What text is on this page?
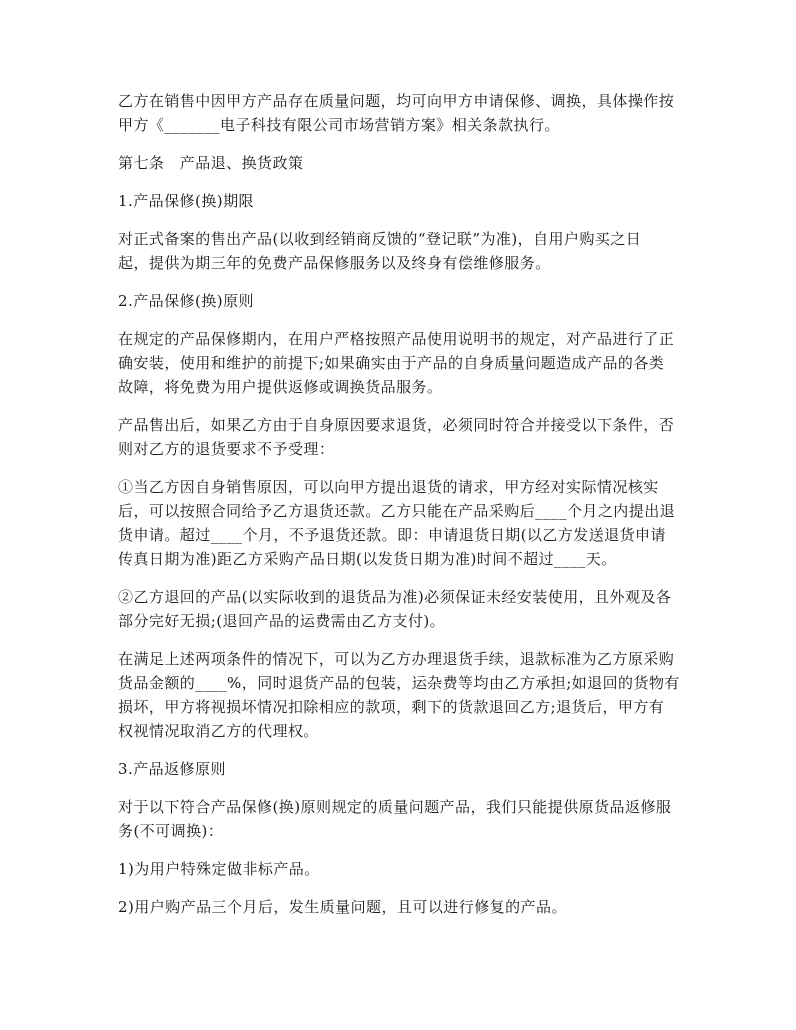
乙方在销售中因甲方产品存在质量问题，均可向甲方申请保修、调换，具体操作按
甲方《_______电子科技有限公司市场营销方案》相关条款执行。
第七条　产品退、换货政策
1.产品保修(换)期限
对正式备案的售出产品(以收到经销商反馈的“登记联”为准)，自用户购买之日
起，提供为期三年的免费产品保修服务以及终身有偿维修服务。
2.产品保修(换)原则
在规定的产品保修期内，在用户严格按照产品使用说明书的规定，对产品进行了正
确安装，使用和维护的前提下;如果确实由于产品的自身质量问题造成产品的各类
故障，将免费为用户提供返修或调换货品服务。
产品售出后，如果乙方由于自身原因要求退货，必须同时符合并接受以下条件，否
则对乙方的退货要求不予受理：
①当乙方因自身销售原因，可以向甲方提出退货的请求，甲方经对实际情况核实
后，可以按照合同给予乙方退货还款。乙方只能在产品采购后____个月之内提出退
货申请。超过____个月，不予退货还款。即：申请退货日期(以乙方发送退货申请
传真日期为准)距乙方采购产品日期(以发货日期为准)时间不超过____天。
②乙方退回的产品(以实际收到的退货品为准)必须保证未经安装使用，且外观及各
部分完好无损;(退回产品的运费需由乙方支付)。
在满足上述两项条件的情况下，可以为乙方办理退货手续，退款标准为乙方原采购
货品金额的____%，同时退货产品的包装，运杂费等均由乙方承担;如退回的货物有
损坏，甲方将视损坏情况扣除相应的款项，剩下的货款退回乙方;退货后，甲方有
权视情况取消乙方的代理权。
3.产品返修原则
对于以下符合产品保修(换)原则规定的质量问题产品，我们只能提供原货品返修服
务(不可调换)：
1)为用户特殊定做非标产品。
2)用户购产品三个月后，发生质量问题，且可以进行修复的产品。
